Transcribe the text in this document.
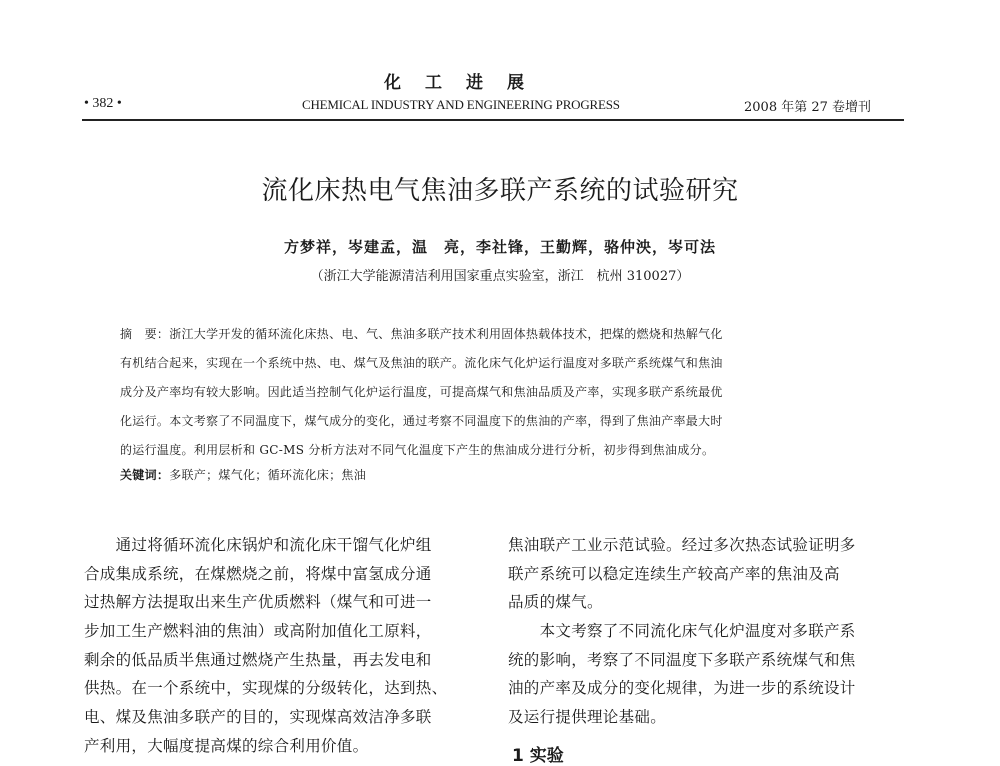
化工进展
• 382 •	CHEMICAL INDUSTRY AND ENGINEERING PROGRESS	2008 年第 27 卷增刊
流化床热电气焦油多联产系统的试验研究
方梦祥，岑建孟，温　亮，李社锋，王勤辉，骆仲泱，岑可法
（浙江大学能源清洁利用国家重点实验室，浙江　杭州 310027）
摘　要：浙江大学开发的循环流化床热、电、气、焦油多联产技术利用固体热载体技术，把煤的燃烧和热解气化
有机结合起来，实现在一个系统中热、电、煤气及焦油的联产。流化床气化炉运行温度对多联产系统煤气和焦油
成分及产率均有较大影响。因此适当控制气化炉运行温度，可提高煤气和焦油品质及产率，实现多联产系统最优
化运行。本文考察了不同温度下，煤气成分的变化，通过考察不同温度下的焦油的产率，得到了焦油产率最大时
的运行温度。利用层析和 GC-MS 分析方法对不同气化温度下产生的焦油成分进行分析，初步得到焦油成分。
关键词：多联产；煤气化；循环流化床；焦油
　　通过将循环流化床锅炉和流化床干馏气化炉组
合成集成系统，在煤燃烧之前，将煤中富氢成分通
过热解方法提取出来生产优质燃料（煤气和可进一
步加工生产燃料油的焦油）或高附加值化工原料，
剩余的低品质半焦通过燃烧产生热量，再去发电和
供热。在一个系统中，实现煤的分级转化，达到热、
电、煤及焦油多联产的目的，实现煤高效洁净多联
产利用，大幅度提高煤的综合利用价值。
焦油联产工业示范试验。经过多次热态试验证明多
联产系统可以稳定连续生产较高产率的焦油及高
品质的煤气。
　　本文考察了不同流化床气化炉温度对多联产系
统的影响，考察了不同温度下多联产系统煤气和焦
油的产率及成分的变化规律，为进一步的系统设计
及运行提供理论基础。
1 实验
